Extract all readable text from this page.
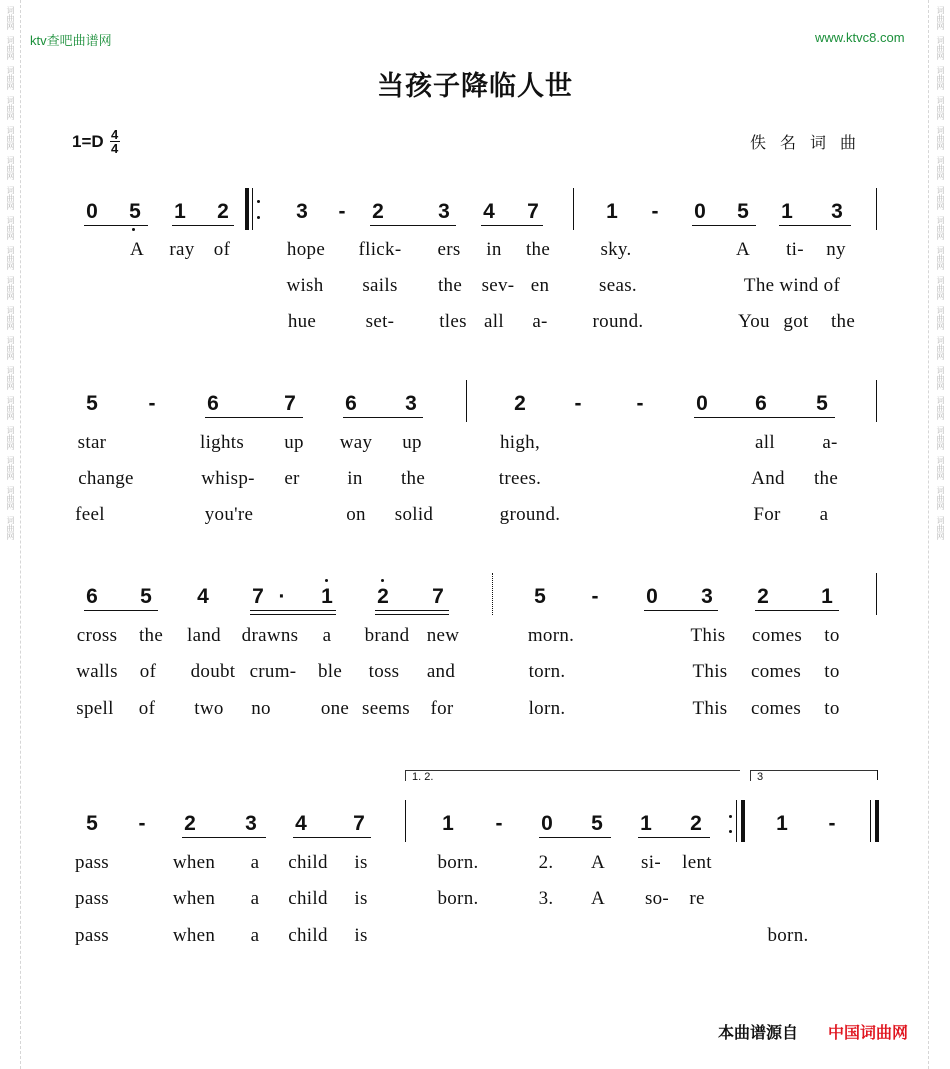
词曲网
词曲网
词曲网
词曲网
词曲网
词曲网
词曲网
词曲网
词曲网
词曲网
词曲网
词曲网
词曲网
词曲网
词曲网
词曲网
词曲网
词曲网
词曲网
词曲网
词曲网
词曲网
词曲网
词曲网
词曲网
词曲网
词曲网
词曲网
词曲网
词曲网
词曲网
词曲网
词曲网
词曲网
词曲网
词曲网
ktv查吧曲谱网	www.ktvc8.com
当孩子降临人世
$1=D \frac{4}{4}$	佚名词曲
0 5 1 2	3	-	2	3 4 7	1	-	0 5 1 3
A ray of	hope flick- ers in the	sky.	A ti- ny
wish sails the sev- en	seas.	The wind of
hue	set- tles all a- round.	You got the
5	-	6	7 6 3	2	-	-	0 6 5
star	lights up way up	high,	all a-
change	whisp- er	in the	trees.	And the
feel	you're	on solid	ground.	For a
6 5 4 7 ·	1 2 7	5	-	0 3 2 1
cross the land drawns a brand new	morn.	This comes to
walls of doubt crum- ble toss and	torn.	This comes to
spell of two no	one seems for	lorn.	This comes to
1. 2.	3
5	-	2 3 4 7	1	-	0 5 1 2	1	-
pass	when a child is	born.	2. A si- lent
pass	when a child is	born.	3. A so- re
pass	when a child is	born.
本曲谱源自 中国词曲网
